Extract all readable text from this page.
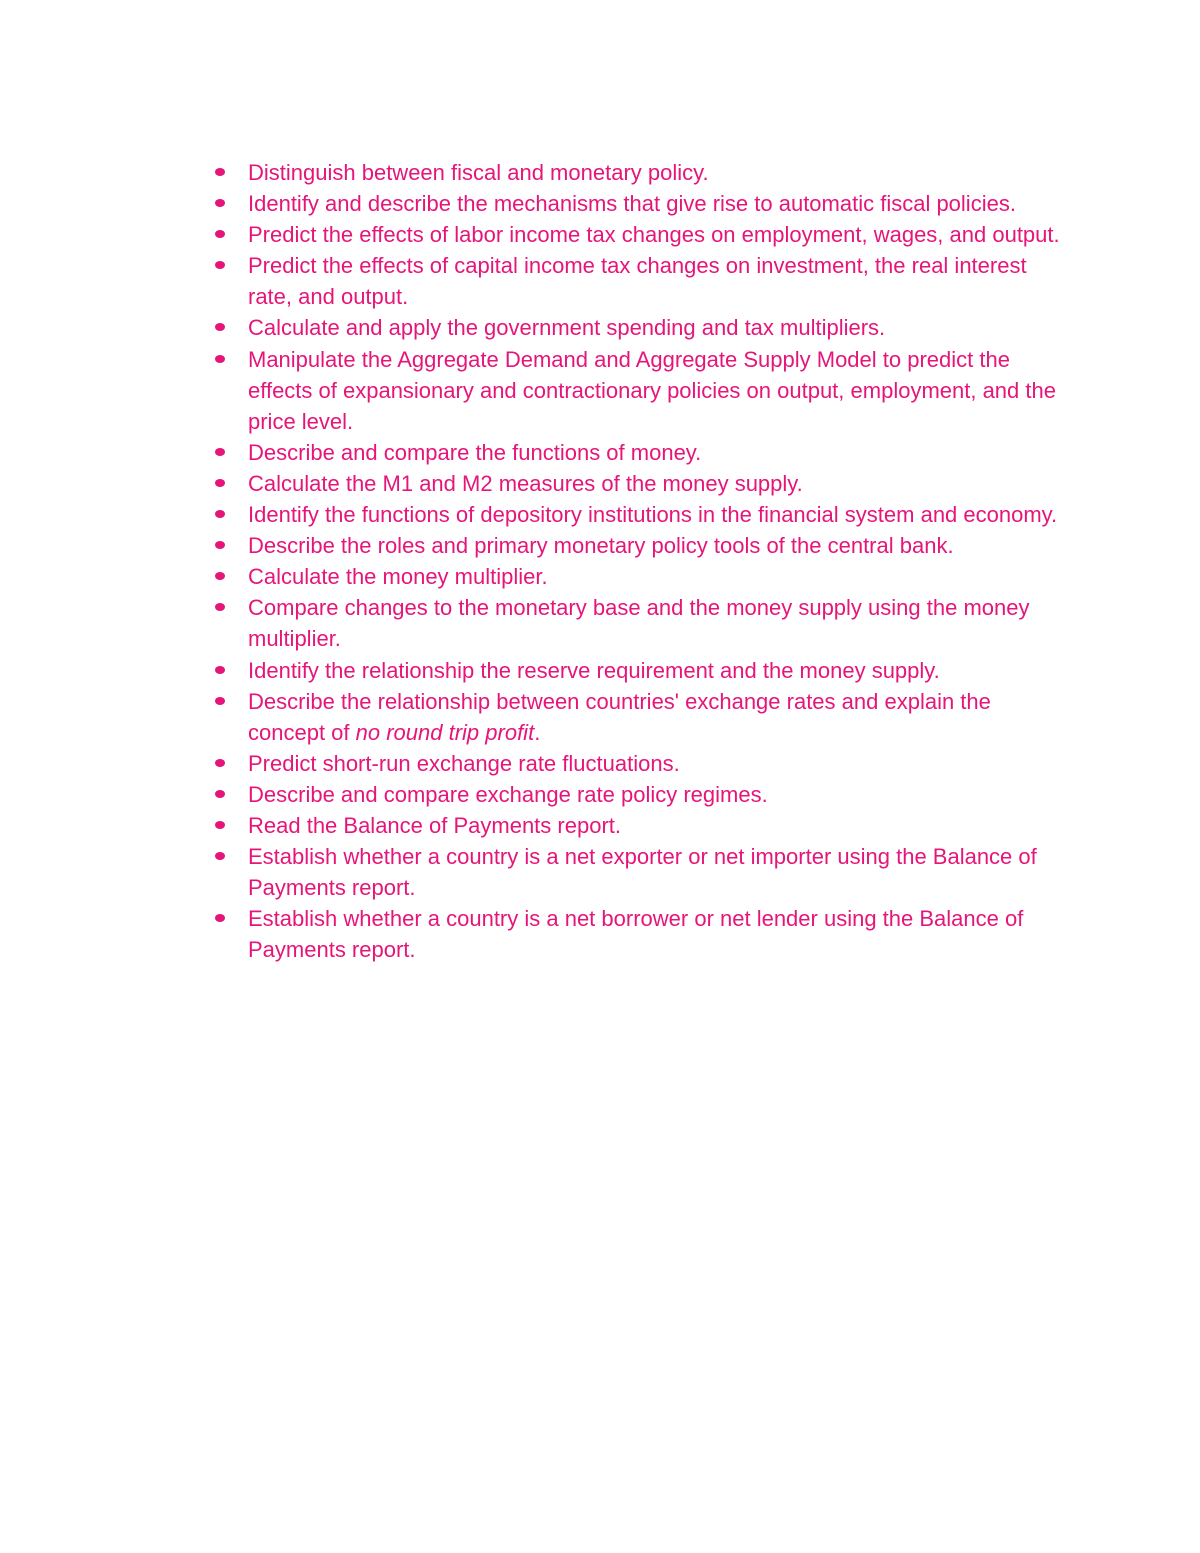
Distinguish between fiscal and monetary policy.
Identify and describe the mechanisms that give rise to automatic fiscal policies.
Predict the effects of labor income tax changes on employment, wages, and output.
Predict the effects of capital income tax changes on investment, the real interest rate, and output.
Calculate and apply the government spending and tax multipliers.
Manipulate the Aggregate Demand and Aggregate Supply Model to predict the effects of expansionary and contractionary policies on output, employment, and the price level.
Describe and compare the functions of money.
Calculate the M1 and M2 measures of the money supply.
Identify the functions of depository institutions in the financial system and economy.
Describe the roles and primary monetary policy tools of the central bank.
Calculate the money multiplier.
Compare changes to the monetary base and the money supply using the money multiplier.
Identify the relationship the reserve requirement and the money supply.
Describe the relationship between countries' exchange rates and explain the concept of no round trip profit.
Predict short-run exchange rate fluctuations.
Describe and compare exchange rate policy regimes.
Read the Balance of Payments report.
Establish whether a country is a net exporter or net importer using the Balance of Payments report.
Establish whether a country is a net borrower or net lender using the Balance of Payments report.
